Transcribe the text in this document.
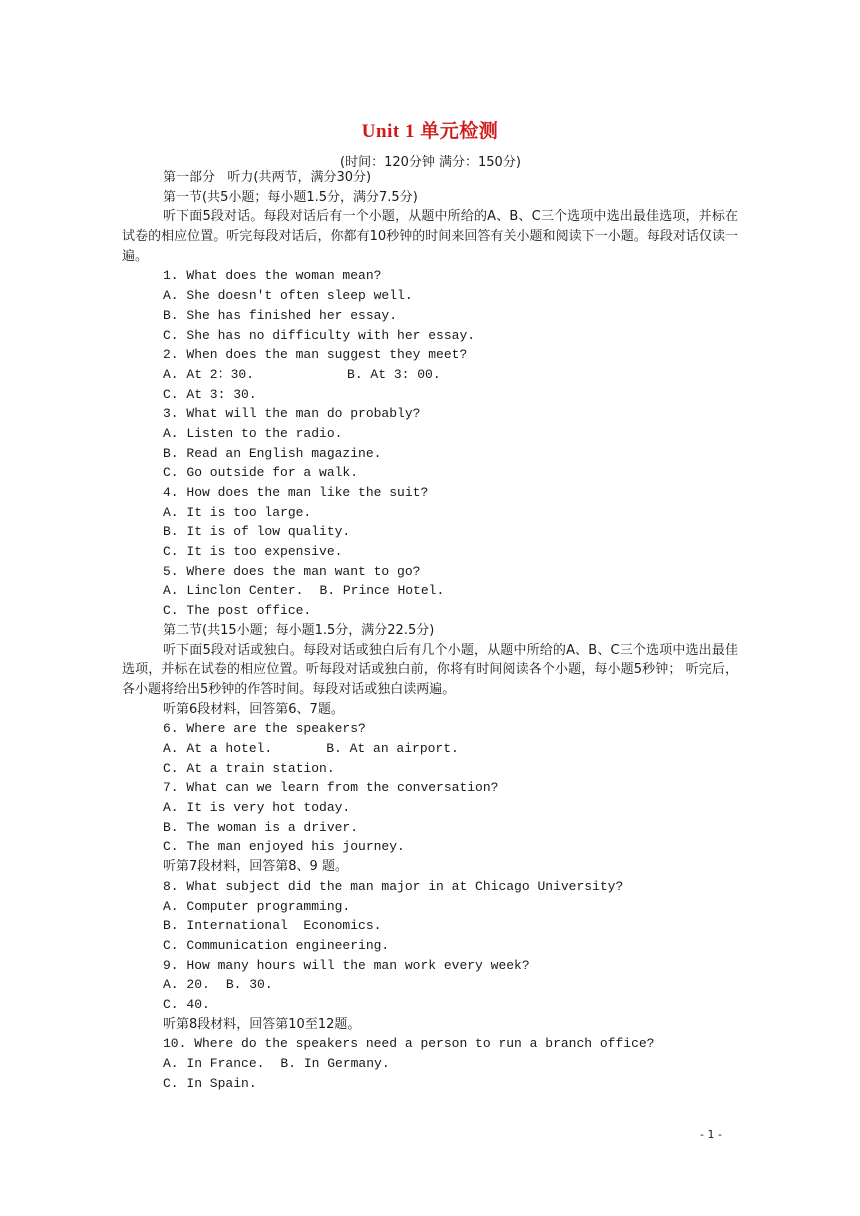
Unit 1 单元检测
(时间：120分钟 满分：150分)
第一部分   听力(共两节，满分30分)
第一节(共5小题；每小题1.5分，满分7.5分)
听下面5段对话。每段对话后有一个小题，从题中所给的A、B、C三个选项中选出最佳选项，并标在试卷的相应位置。听完每段对话后，你都有10秒钟的时间来回答有关小题和阅读下一小题。每段对话仅读一遍。
1. What does the woman mean?
A. She doesn't often sleep well.
B. She has finished her essay.
C. She has no difficulty with her essay.
2. When does the man suggest they meet?
A. At 2：30.	B. At 3: 00.
C. At 3: 30.
3. What will the man do probably?
A. Listen to the radio.
B. Read an English magazine.
C. Go outside for a walk.
4. How does the man like the suit?
A. It is too large.
B. It is of low quality.
C. It is too expensive.
5. Where does the man want to go?
A. Linclon Center. B. Prince Hotel.
C. The post office.
第二节(共15小题；每小题1.5分，满分22.5分)
听下面5段对话或独白。每段对话或独白后有几个小题，从题中所给的A、B、C三个选项中选出最佳选项，并标在试卷的相应位置。听每段对话或独白前，你将有时间阅读各个小题，每小题5秒钟； 听完后，各小题将给出5秒钟的作答时间。每段对话或独白读两遍。
听第6段材料，回答第6、7题。
6. Where are the speakers?
A. At a hotel.	B. At an airport.
C. At a train station.
7. What can we learn from the conversation?
A. It is very hot today.
B. The woman is a driver.
C. The man enjoyed his journey.
听第7段材料，回答第8、9 题。
8. What subject did the man major in at Chicago University?
A. Computer programming.
B. International  Economics.
C. Communication engineering.
9. How many hours will the man work every week?
A. 20. B. 30.
C. 40.
听第8段材料，回答第10至12题。
10. Where do the speakers need a person to run a branch office?
A. In France. B. In Germany.
C. In Spain.
- 1 -
